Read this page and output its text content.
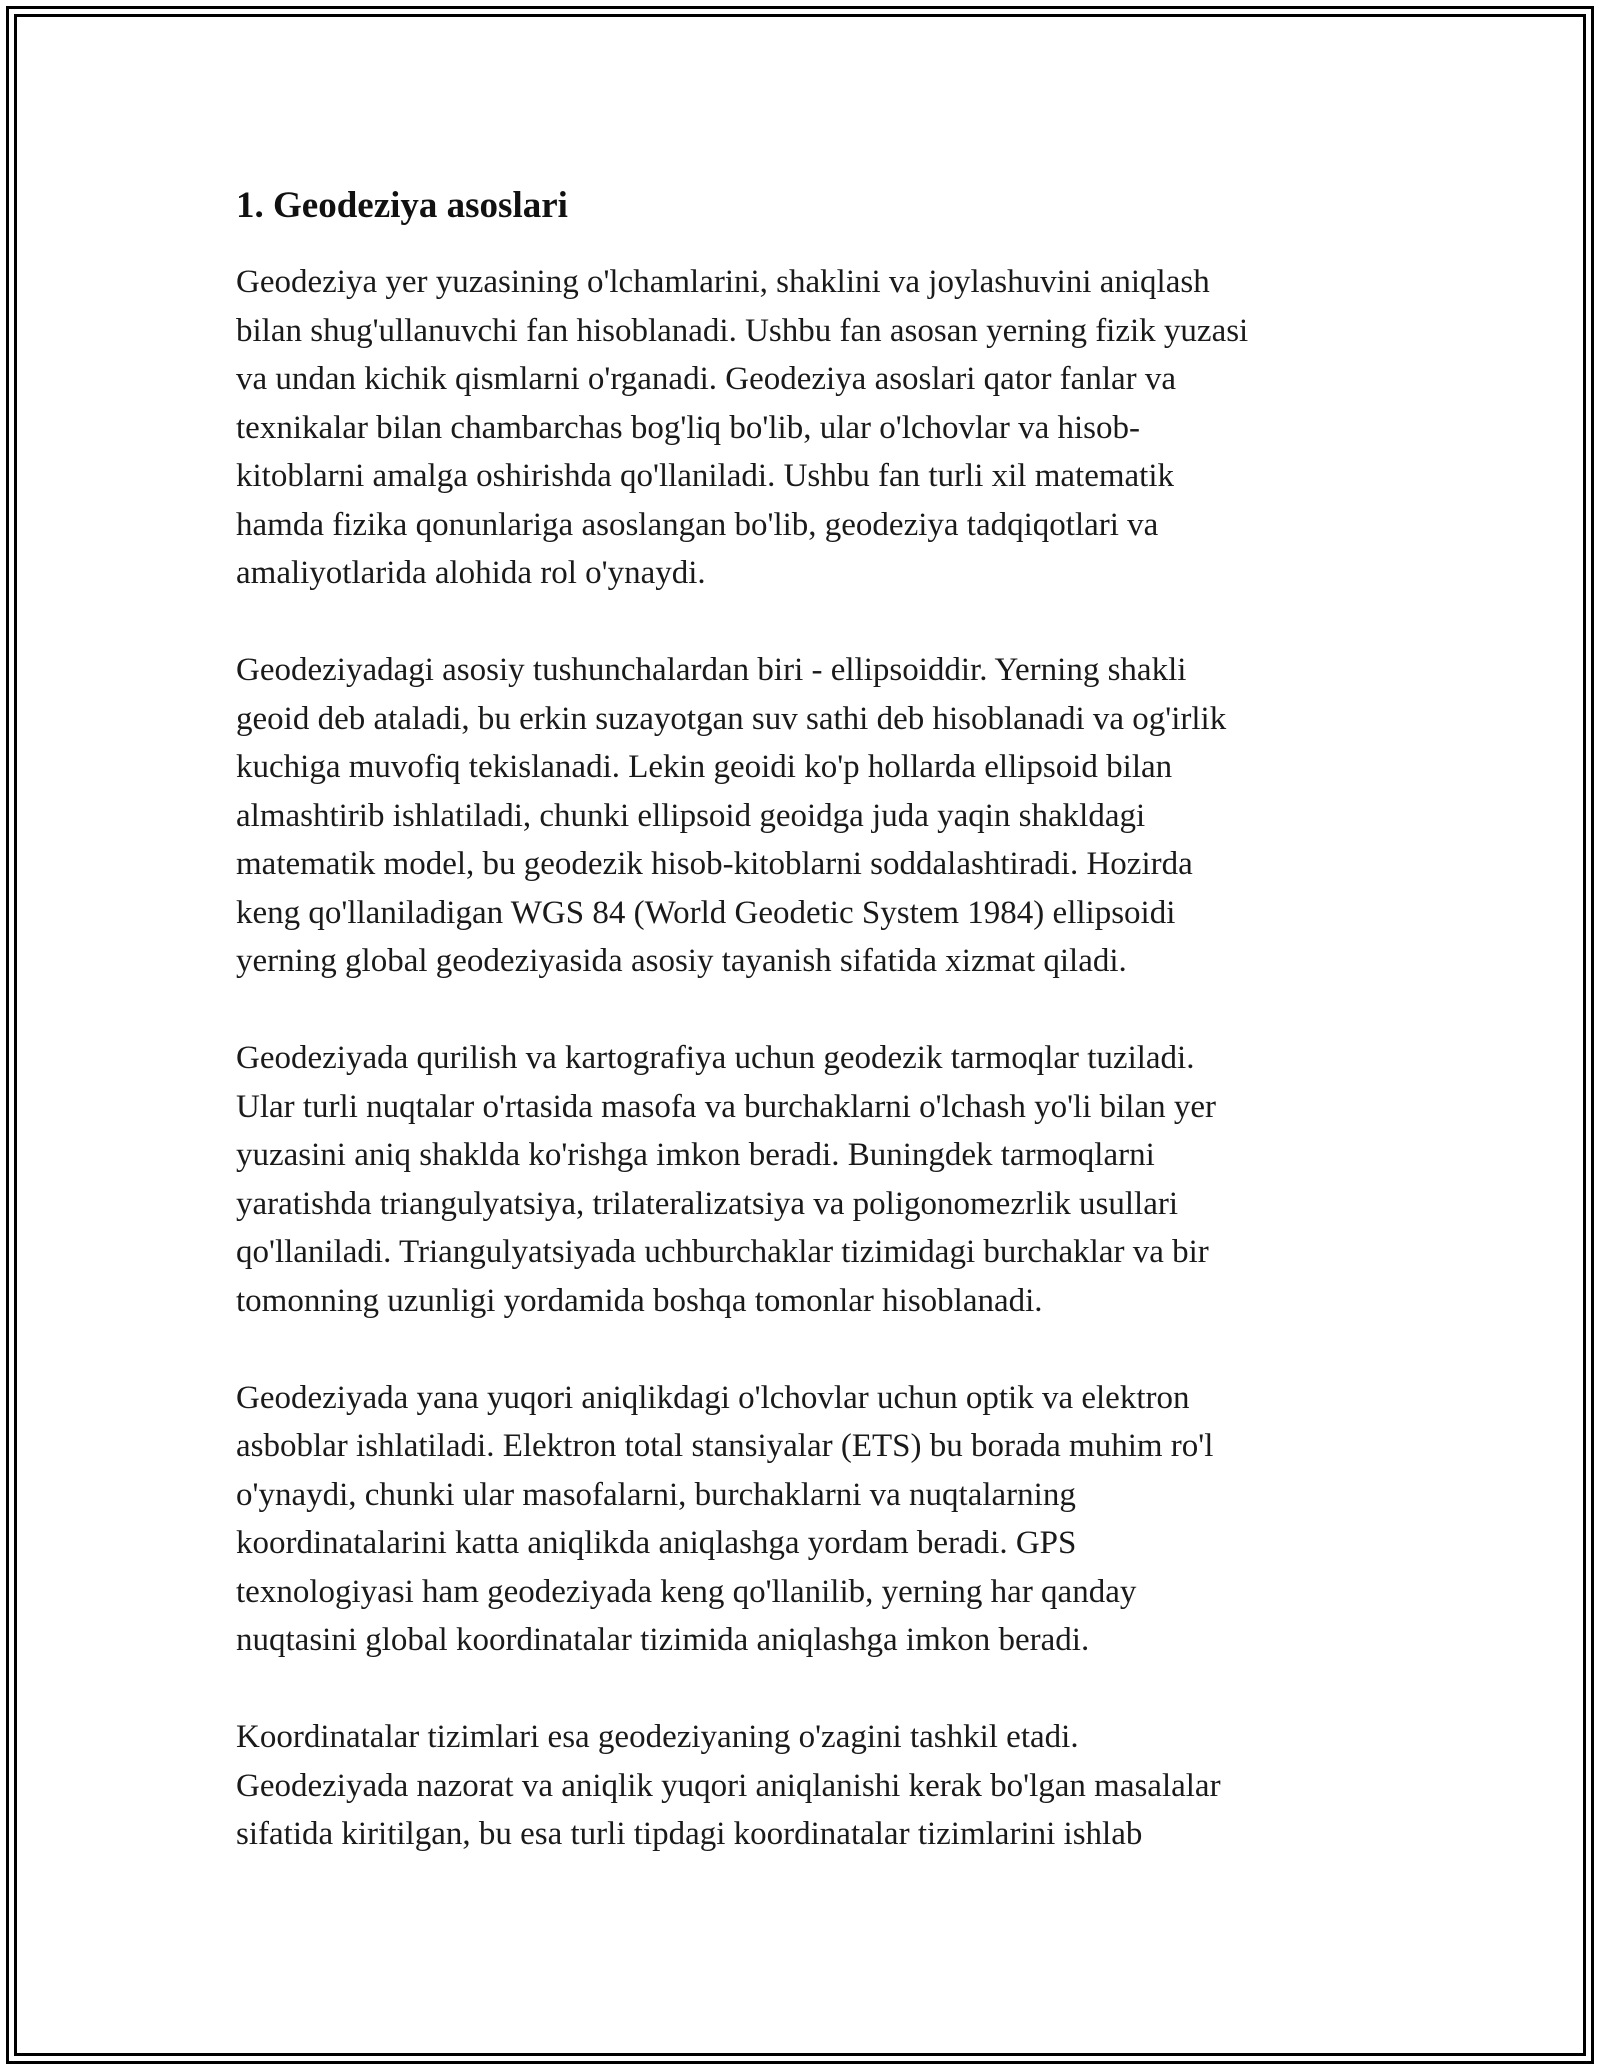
1. Geodeziya asoslari

Geodeziya yer yuzasining o'lchamlarini, shaklini va joylashuvini aniqlash
bilan shug'ullanuvchi fan hisoblanadi. Ushbu fan asosan yerning fizik yuzasi
va undan kichik qismlarni o'rganadi. Geodeziya asoslari qator fanlar va
texnikalar bilan chambarchas bog'liq bo'lib, ular o'lchovlar va hisob-
kitoblarni amalga oshirishda qo'llaniladi. Ushbu fan turli xil matematik
hamda fizika qonunlariga asoslangan bo'lib, geodeziya tadqiqotlari va
amaliyotlarida alohida rol o'ynaydi.

Geodeziyadagi asosiy tushunchalardan biri - ellipsoiddir. Yerning shakli
geoid deb ataladi, bu erkin suzayotgan suv sathi deb hisoblanadi va og'irlik
kuchiga muvofiq tekislanadi. Lekin geoidi ko'p hollarda ellipsoid bilan
almashtirib ishlatiladi, chunki ellipsoid geoidga juda yaqin shakldagi
matematik model, bu geodezik hisob-kitoblarni soddalashtiradi. Hozirda
keng qo'llaniladigan WGS 84 (World Geodetic System 1984) ellipsoidi
yerning global geodeziyasida asosiy tayanish sifatida xizmat qiladi.

Geodeziyada qurilish va kartografiya uchun geodezik tarmoqlar tuziladi.
Ular turli nuqtalar o'rtasida masofa va burchaklarni o'lchash yo'li bilan yer
yuzasini aniq shaklda ko'rishga imkon beradi. Buningdek tarmoqlarni
yaratishda triangulyatsiya, trilateralizatsiya va poligonomezrlik usullari
qo'llaniladi. Triangulyatsiyada uchburchaklar tizimidagi burchaklar va bir
tomonning uzunligi yordamida boshqa tomonlar hisoblanadi.

Geodeziyada yana yuqori aniqlikdagi o'lchovlar uchun optik va elektron
asboblar ishlatiladi. Elektron total stansiyalar (ETS) bu borada muhim ro'l
o'ynaydi, chunki ular masofalarni, burchaklarni va nuqtalarning
koordinatalarini katta aniqlikda aniqlashga yordam beradi. GPS
texnologiyasi ham geodeziyada keng qo'llanilib, yerning har qanday
nuqtasini global koordinatalar tizimida aniqlashga imkon beradi.

Koordinatalar tizimlari esa geodeziyaning o'zagini tashkil etadi.
Geodeziyada nazorat va aniqlik yuqori aniqlanishi kerak bo'lgan masalalar
sifatida kiritilgan, bu esa turli tipdagi koordinatalar tizimlarini ishlab
